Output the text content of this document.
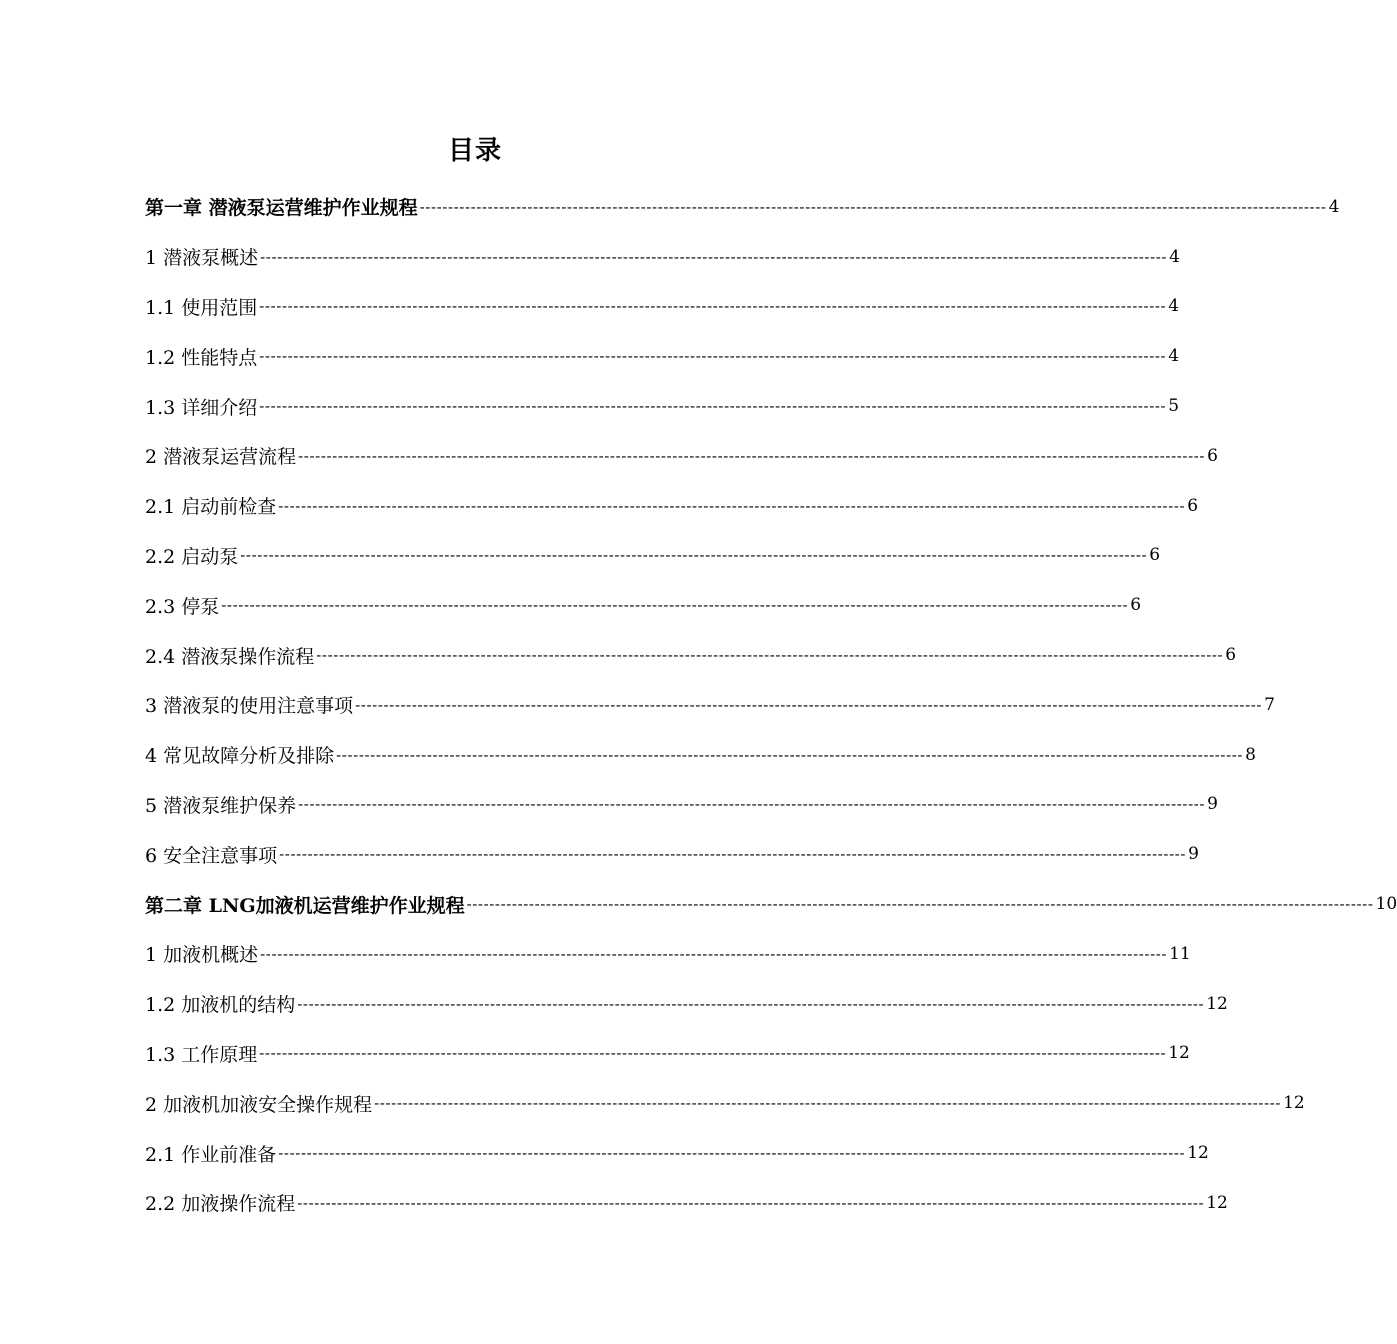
目录
第一章 潜液泵运营维护作业规程 ---------------------------------------------------------------------------------------------------------------------------------------------------------------- 4
1 潜液泵概述 ---------------------------------------------------------------------------------------------------------------------------------------------------------------- 4
1.1 使用范围 ---------------------------------------------------------------------------------------------------------------------------------------------------------------- 4
1.2 性能特点 ---------------------------------------------------------------------------------------------------------------------------------------------------------------- 4
1.3 详细介绍 ---------------------------------------------------------------------------------------------------------------------------------------------------------------- 5
2 潜液泵运营流程 ---------------------------------------------------------------------------------------------------------------------------------------------------------------- 6
2.1 启动前检查 ---------------------------------------------------------------------------------------------------------------------------------------------------------------- 6
2.2 启动泵 ---------------------------------------------------------------------------------------------------------------------------------------------------------------- 6
2.3 停泵 ---------------------------------------------------------------------------------------------------------------------------------------------------------------- 6
2.4 潜液泵操作流程 ---------------------------------------------------------------------------------------------------------------------------------------------------------------- 6
3 潜液泵的使用注意事项 ---------------------------------------------------------------------------------------------------------------------------------------------------------------- 7
4 常见故障分析及排除 ---------------------------------------------------------------------------------------------------------------------------------------------------------------- 8
5 潜液泵维护保养 ---------------------------------------------------------------------------------------------------------------------------------------------------------------- 9
6 安全注意事项 ---------------------------------------------------------------------------------------------------------------------------------------------------------------- 9
第二章 LNG加液机运营维护作业规程 ---------------------------------------------------------------------------------------------------------------------------------------------------------------- 10
1 加液机概述 ---------------------------------------------------------------------------------------------------------------------------------------------------------------- 11
1.2 加液机的结构 ---------------------------------------------------------------------------------------------------------------------------------------------------------------- 12
1.3 工作原理 ---------------------------------------------------------------------------------------------------------------------------------------------------------------- 12
2 加液机加液安全操作规程 ---------------------------------------------------------------------------------------------------------------------------------------------------------------- 12
2.1 作业前准备 ---------------------------------------------------------------------------------------------------------------------------------------------------------------- 12
2.2 加液操作流程 ---------------------------------------------------------------------------------------------------------------------------------------------------------------- 12
